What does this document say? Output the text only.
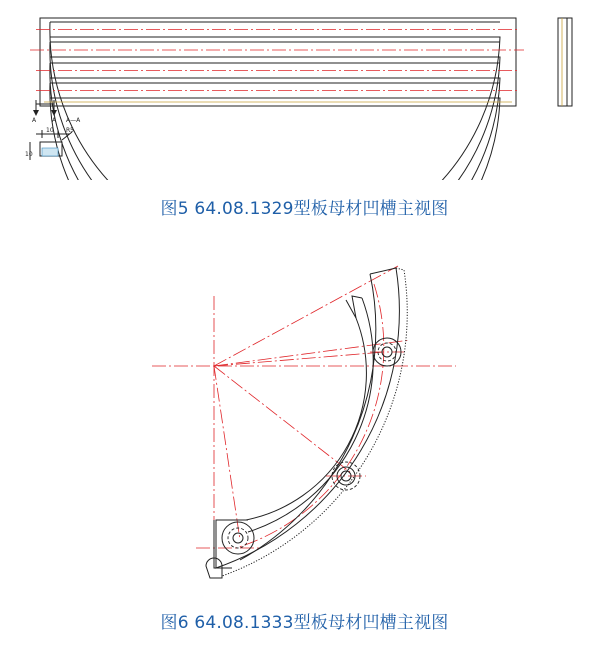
A	A A—A
10 R5
10
图5 64.08.1329型板母材凹槽主视图
图6 64.08.1333型板母材凹槽主视图
